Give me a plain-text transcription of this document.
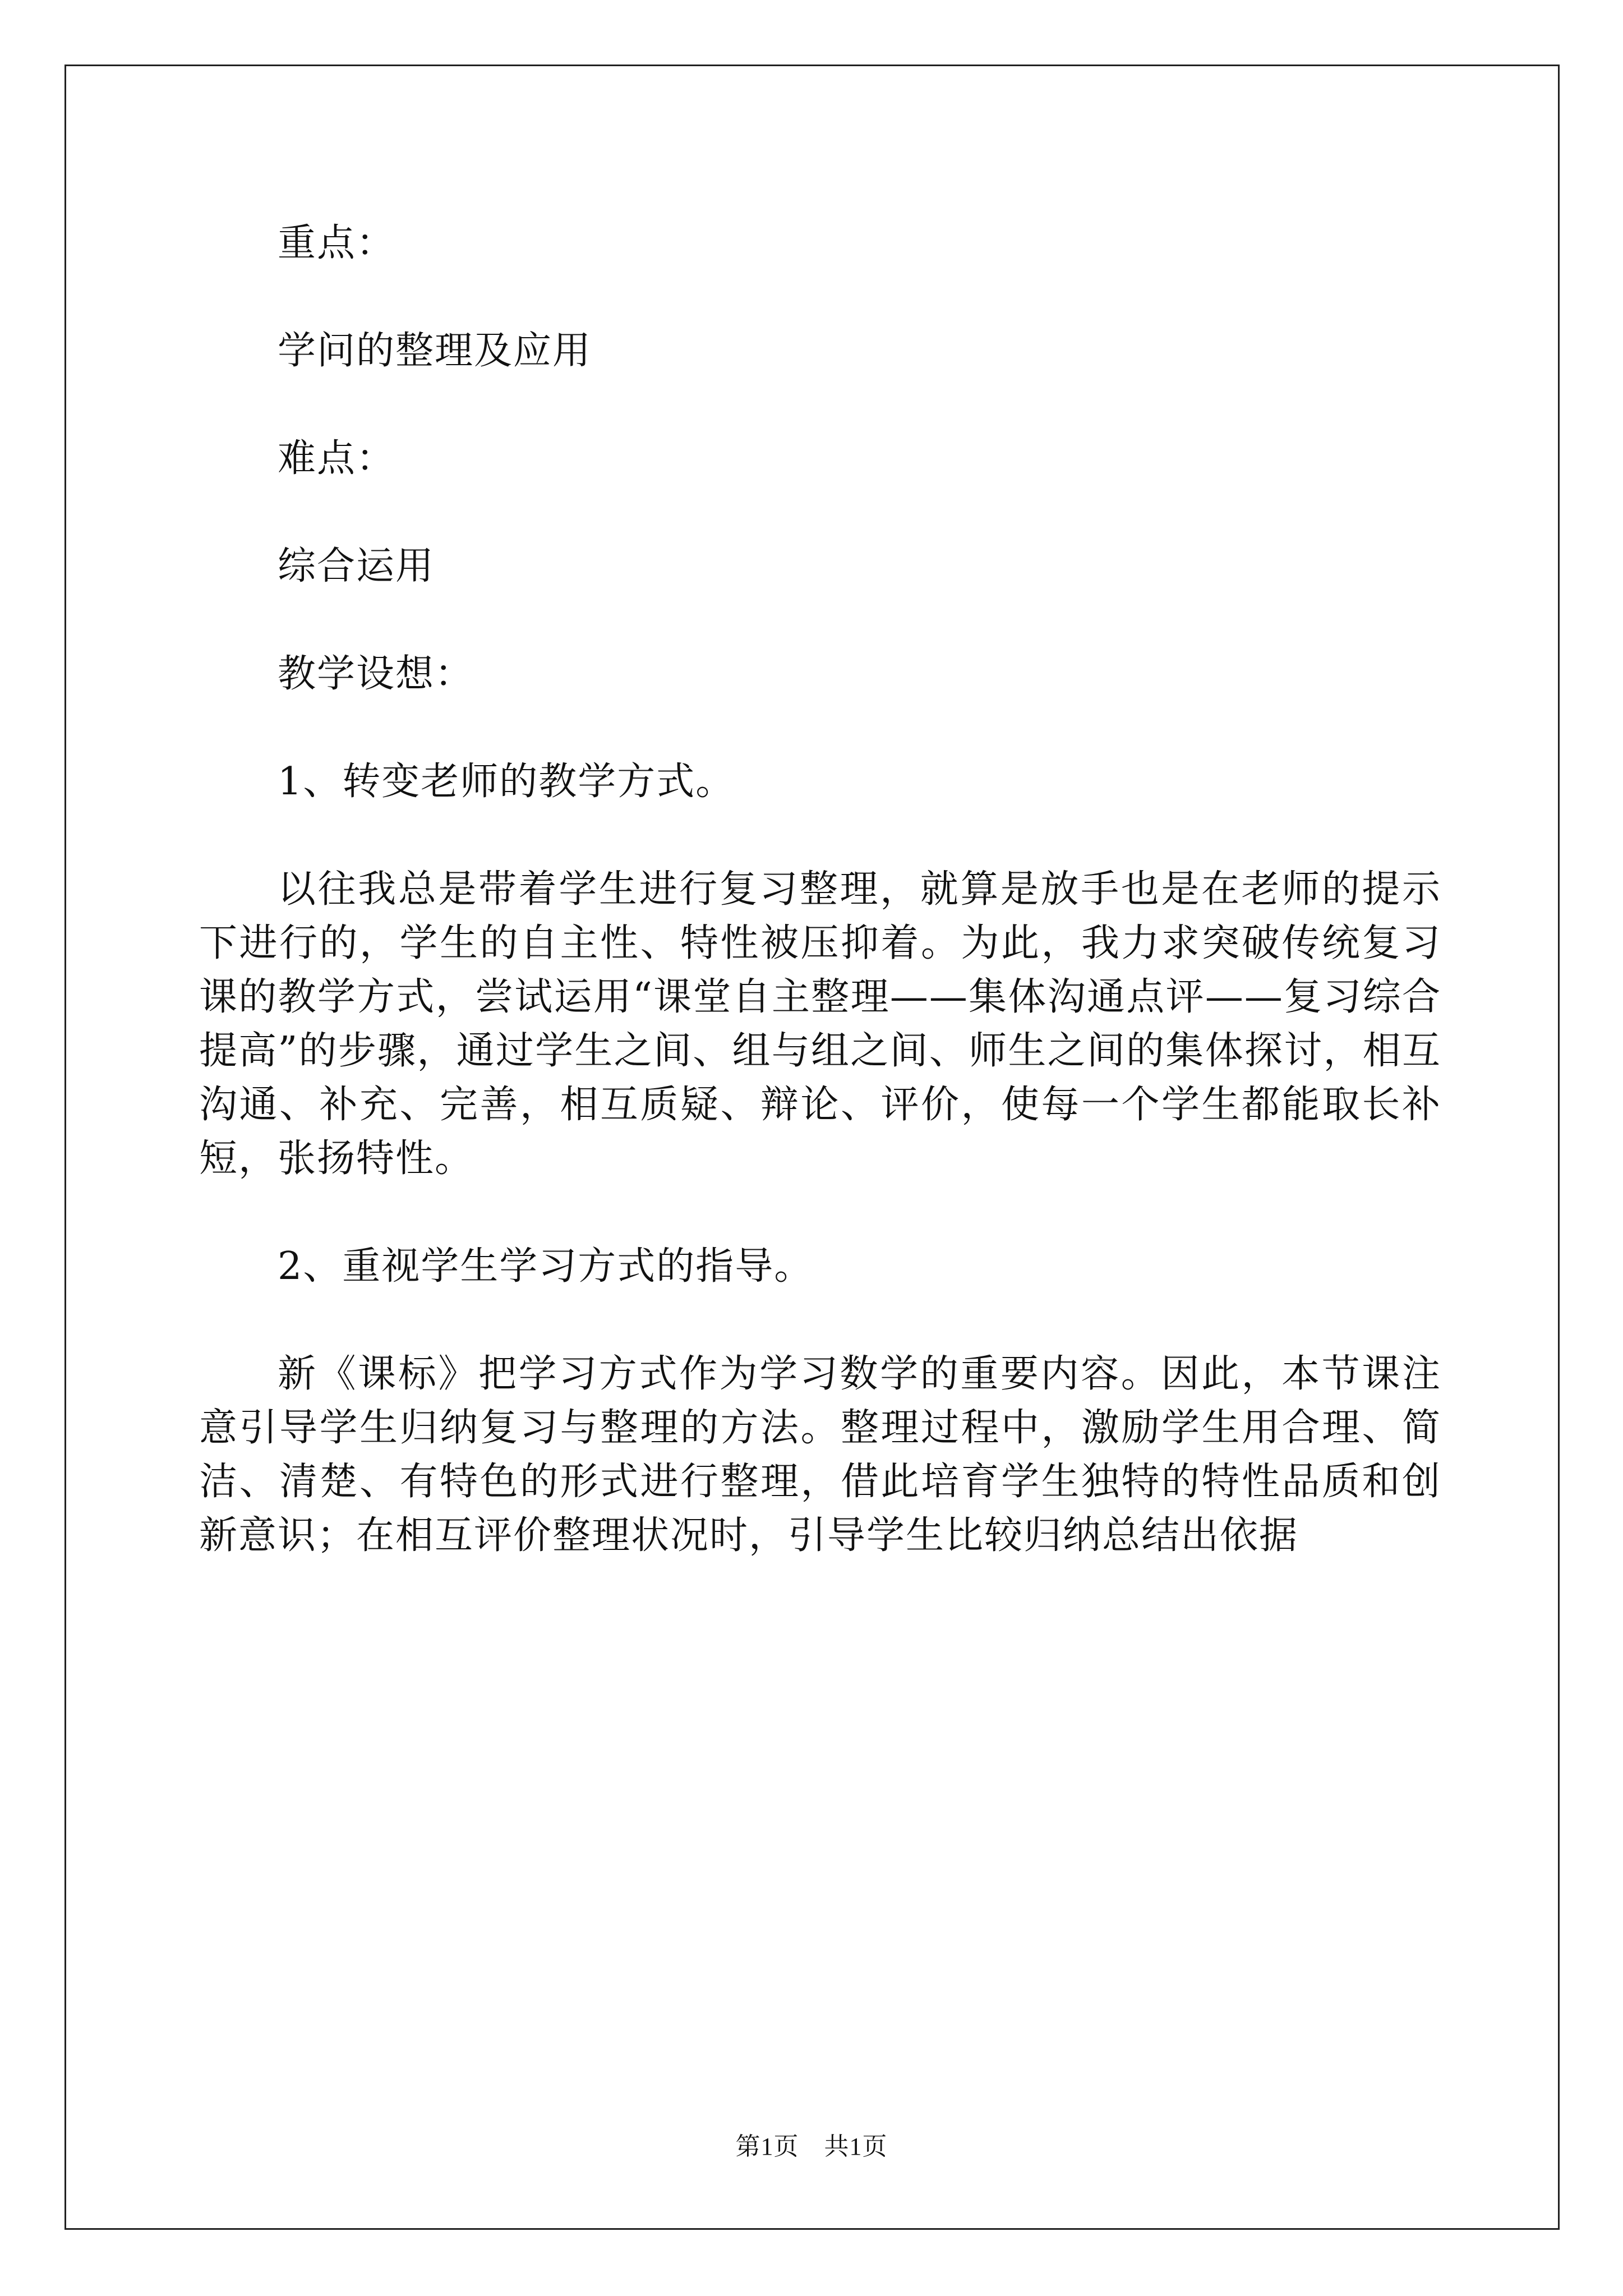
重点：

学问的整理及应用

难点：

综合运用

教学设想：

1、转变老师的教学方式。

以往我总是带着学生进行复习整理，就算是放手也是在老师的提示下进行的，学生的自主性、特性被压抑着。为此，我力求突破传统复习课的教学方式，尝试运用“课堂自主整理——集体沟通点评——复习综合提高”的步骤，通过学生之间、组与组之间、师生之间的集体探讨，相互沟通、补充、完善，相互质疑、辩论、评价，使每一个学生都能取长补短，张扬特性。

2、重视学生学习方式的指导。

新《课标》把学习方式作为学习数学的重要内容。因此，本节课注意引导学生归纳复习与整理的方法。整理过程中，激励学生用合理、简洁、清楚、有特色的形式进行整理，借此培育学生独特的特性品质和创新意识；在相互评价整理状况时，引导学生比较归纳总结出依据

第1页　共1页
